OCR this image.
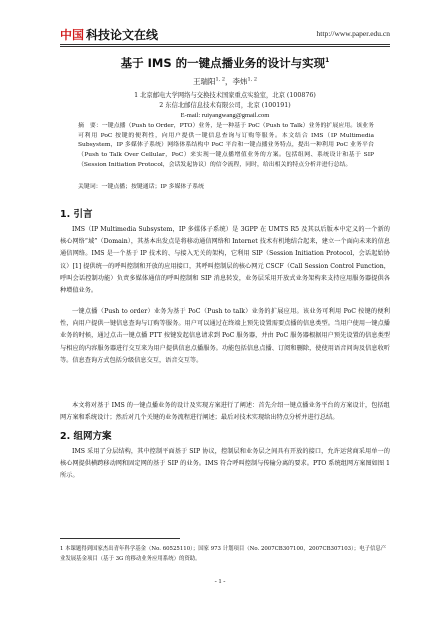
中国 科技论文在线	http://www.paper.edu.cn
基于 IMS 的一键点播业务的设计与实现$^1$
王瑞阳$^{1, 2}$，李炜$^{1, 2}$
1 北京邮电大学网络与交换技术国家重点实验室，北京 (100876)
2 东信北邮信息技术有限公司，北京 (100191)
E-mail: ruiyangwang@gmail.com
摘　要：一键点播（Push to Order，PTO）业务，是一种基于 PoC（Push to Talk）业务的扩展应用。该业务可利用 PoC 按键的便利性，向用户提供一键信息查询与订购等服务。本文结合 IMS（IP Multimedia Subsystem，IP 多媒体子系统）网络体系结构中 PoC 平台和一键点播业务特点，提出一种利用 PoC 业务平台（Push to Talk Over Cellular，PoC）来实现一键点播增值业务的方案。包括组网、系统设计和基于 SIP（Session Initiation Protocol，会话发起协议）的信令流程，同时，给出相关的特点分析并进行总结。
关键词：一键点播；按键通话；IP 多媒体子系统
1. 引言
IMS（IP Multimedia Subsystem，IP 多媒体子系统）是 3GPP 在 UMTS R5 及其以后版本中定义的一个新的核心网络“域”（Domain），其基本出发点是将移动通信网络和 Internet 技术有机地结合起来，建立一个面向未来的信息通信网络。IMS 是一个基于 IP 技术的、与接入无关的架构，它利用 SIP（Session Initiation Protocol，会话起始协议）[1] 提供统一的呼叫控制和开放的应用接口，其呼叫控制层的核心网元 CSCF（Call Session Control Function，呼叫会话控制功能）负责多媒体通信的呼叫控制和 SIP 消息转发，业务层采用开放式业务架构来支持应用服务器提供各种增值业务。
一键点播（Push to order）业务为基于 PoC（Push to talk）业务的扩展应用。该业务可利用 PoC 按键的便利性，向用户提供一键信息查询与订购等服务。用户可以通过在终端上预先设置需要点播的信息类型。当用户使用一键点播业务的时候，通过点击一键点播 PTT 按键发起信息请求到 PoC 服务器，并由 PoC 服务器根据用户预先设置的信息类型与相应的内容服务器进行交互来为用户提供信息点播服务。功能包括信息点播、订阅和删除，使使用语音问询及信息收听等。信息查询方式包括分级信息交互，语音交互等。
本文将对基于 IMS 的一键点播业务的设计及实现方案进行了阐述：首先介绍一键点播业务平台的方案设计，包括组网方案和系统设计；然后对几个关键的业务流程进行阐述；最后对技术实现给出特点分析并进行总结。
2. 组网方案
IMS 采用了分层结构，其中控制平面基于 SIP 协议，控制层和业务层之间具有开放的接口，允许运营商采用单一的核心网提供横跨移动网和固定网的基于 SIP 的业务。IMS 符合呼叫控制与传输分离的要求。PTO 系统组网方案图如图 1 所示。
1 本课题得到国家杰出青年科学基金（No. 60525110）；国家 973 计划项目（No. 2007CB307100，2007CB307103）；电子信息产业发展基金项目（基于 3G 的移动业务应用系统）的资助。
- 1 -
